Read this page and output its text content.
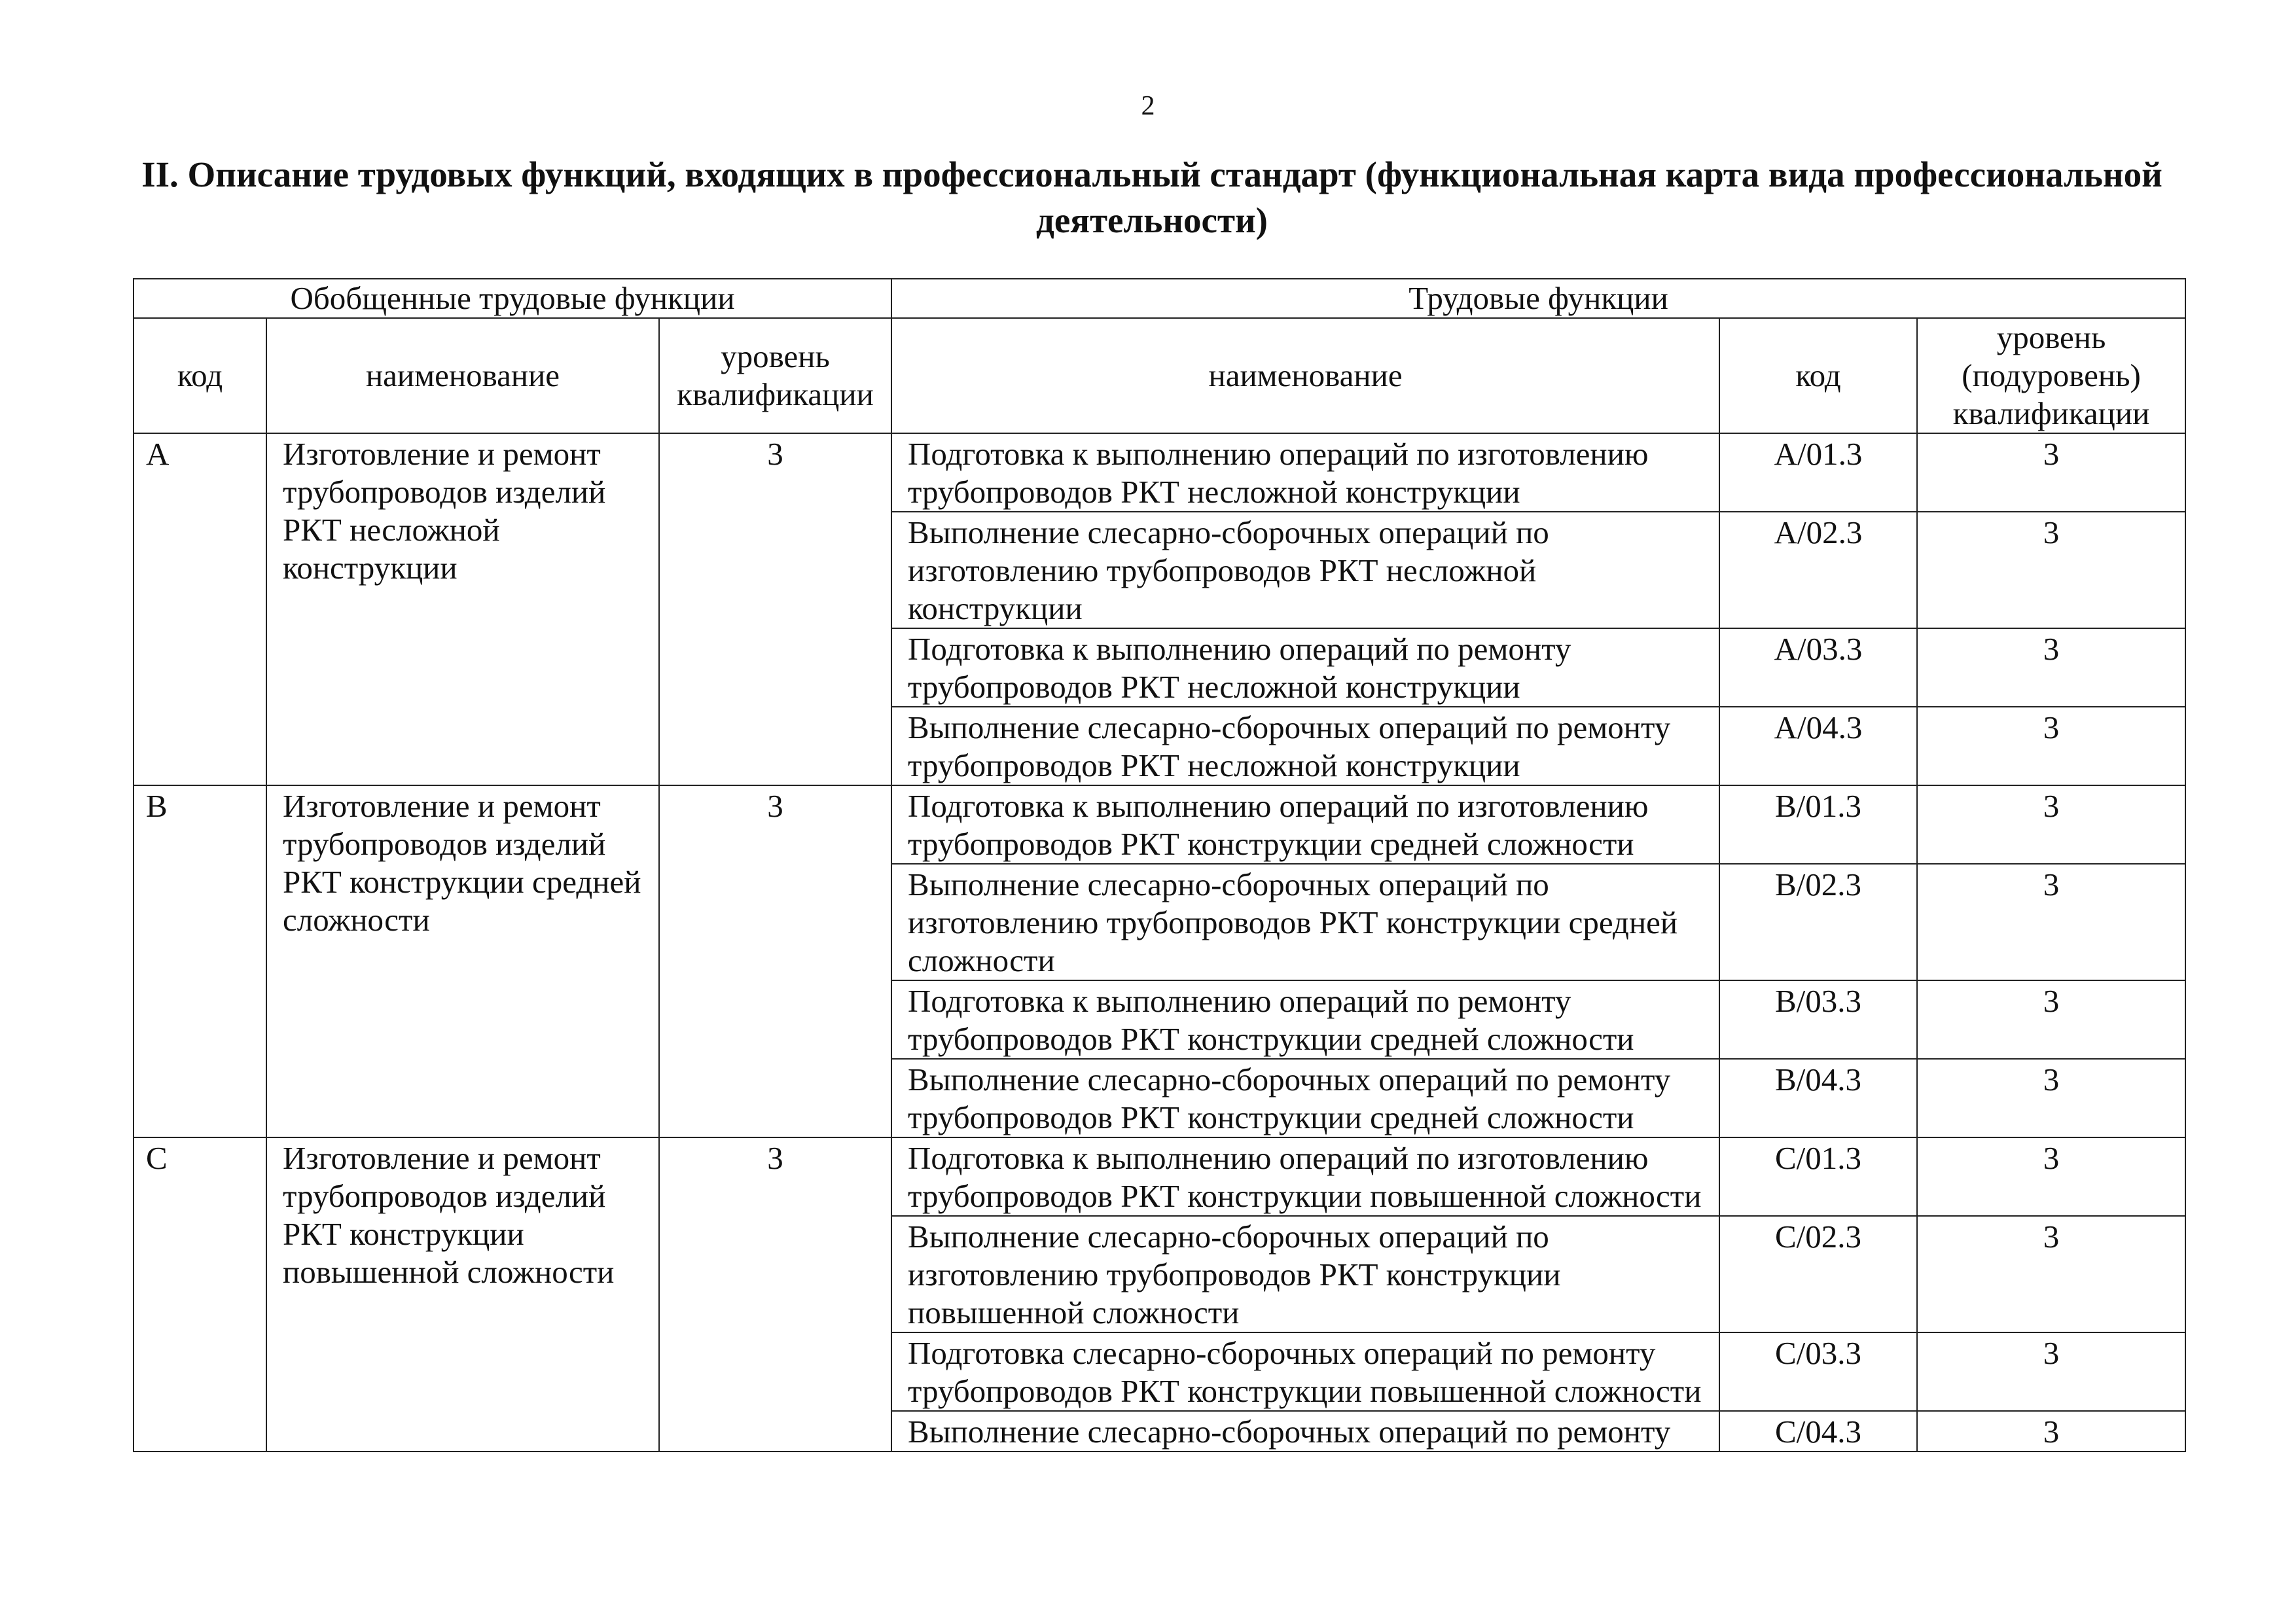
2
II. Описание трудовых функций, входящих в профессиональный стандарт (функциональная карта вида профессиональной деятельности)
Обобщенные трудовые функции			Трудовые функции		
код	наименование	уровень квалификации	наименование	код	уровень (подуровень) квалификации
A	Изготовление и ремонт трубопроводов изделий РКТ несложной конструкции	3	Подготовка к выполнению операций по изготовлению трубопроводов РКТ несложной конструкции	A/01.3	3
			Выполнение слесарно-сборочных операций по изготовлению трубопроводов РКТ несложной конструкции	A/02.3	3
			Подготовка к выполнению операций по ремонту трубопроводов РКТ несложной конструкции	A/03.3	3
			Выполнение слесарно-сборочных операций по ремонту трубопроводов РКТ несложной конструкции	A/04.3	3
B	Изготовление и ремонт трубопроводов изделий РКТ конструкции средней сложности	3	Подготовка к выполнению операций по изготовлению трубопроводов РКТ конструкции средней сложности	B/01.3	3
			Выполнение слесарно-сборочных операций по изготовлению трубопроводов РКТ конструкции средней сложности	B/02.3	3
			Подготовка к выполнению операций по ремонту трубопроводов РКТ конструкции средней сложности	B/03.3	3
			Выполнение слесарно-сборочных операций по ремонту трубопроводов РКТ конструкции средней сложности	B/04.3	3
C	Изготовление и ремонт трубопроводов изделий РКТ конструкции повышенной сложности	3	Подготовка к выполнению операций по изготовлению трубопроводов РКТ конструкции повышенной сложности	C/01.3	3
			Выполнение слесарно-сборочных операций по изготовлению трубопроводов РКТ конструкции повышенной сложности	C/02.3	3
			Подготовка слесарно-сборочных операций по ремонту трубопроводов РКТ конструкции повышенной сложности	C/03.3	3
			Выполнение слесарно-сборочных операций по ремонту	C/04.3	3
